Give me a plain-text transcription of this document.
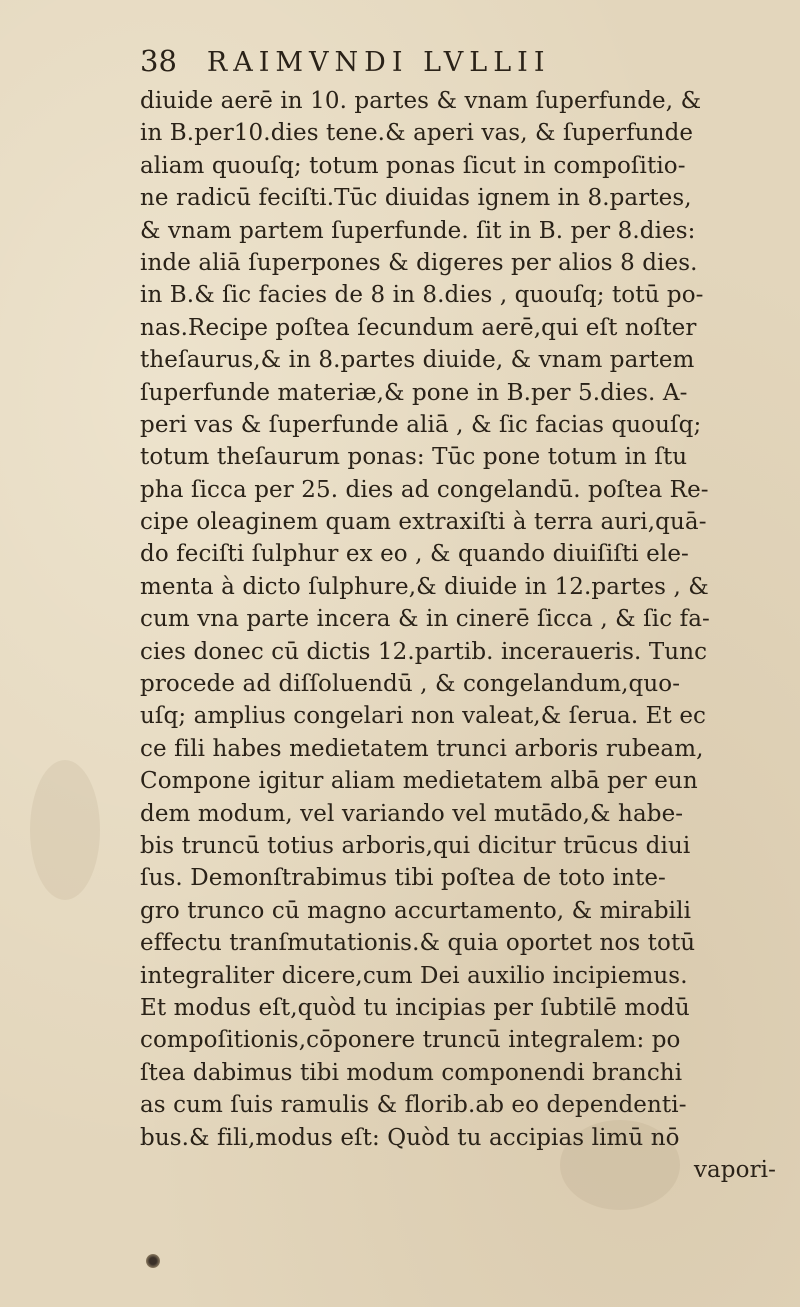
38 RAIMVNDI LVLLII
diuide aerē in 10. partes & vnam ſuperfunde, &
in B.per10.dies tene.& aperi vas, & ſuperfunde
aliam quouſq; totum ponas ſicut in compoſitio-
ne radicū feciſti.Tūc diuidas ignem in 8.partes,
& vnam partem ſuperfunde. ſit in B. per 8.dies:
inde aliā ſuperpones & digeres per alios 8 dies.
in B.& ſic facies de 8 in 8.dies , quouſq; totū po-
nas.Recipe poſtea ſecundum aerē,qui eſt noſter
theſaurus,& in 8.partes diuide, & vnam partem
ſuperfunde materiæ,& pone in B.per 5.dies. A-
peri vas & ſuperfunde aliā , & ſic facias quouſq;
totum theſaurum ponas: Tūc pone totum in ſtu
pha ſicca per 25. dies ad congelandū. poſtea Re-
cipe oleaginem quam extraxiſti à terra auri,quā-
do feciſti ſulphur ex eo , & quando diuiſiſti ele-
menta à dicto ſulphure,& diuide in 12.partes , &
cum vna parte incera & in cinerē ſicca , & ſic fa-
cies donec cū dictis 12.partib. inceraueris. Tunc
procede ad diſſoluendū , & congelandum,quo-
uſq; amplius congelari non valeat,& ſerua. Et ec
ce fili habes medietatem trunci arboris rubeam,
Compone igitur aliam medietatem albā per eun
dem modum, vel variando vel mutādo,& habe-
bis truncū totius arboris,qui dicitur trūcus diui
ſus. Demonſtrabimus tibi poſtea de toto inte-
gro trunco cū magno accurtamento, & mirabili
effectu tranſmutationis.& quia oportet nos totū
integraliter dicere,cum Dei auxilio incipiemus.
Et modus eſt,quòd tu incipias per ſubtilē modū
compoſitionis,cōponere truncū integralem: po
ſtea dabimus tibi modum componendi branchi
as cum ſuis ramulis & florib.ab eo dependenti-
bus.& fili,modus eſt: Quòd tu accipias limū nō
vapori-
